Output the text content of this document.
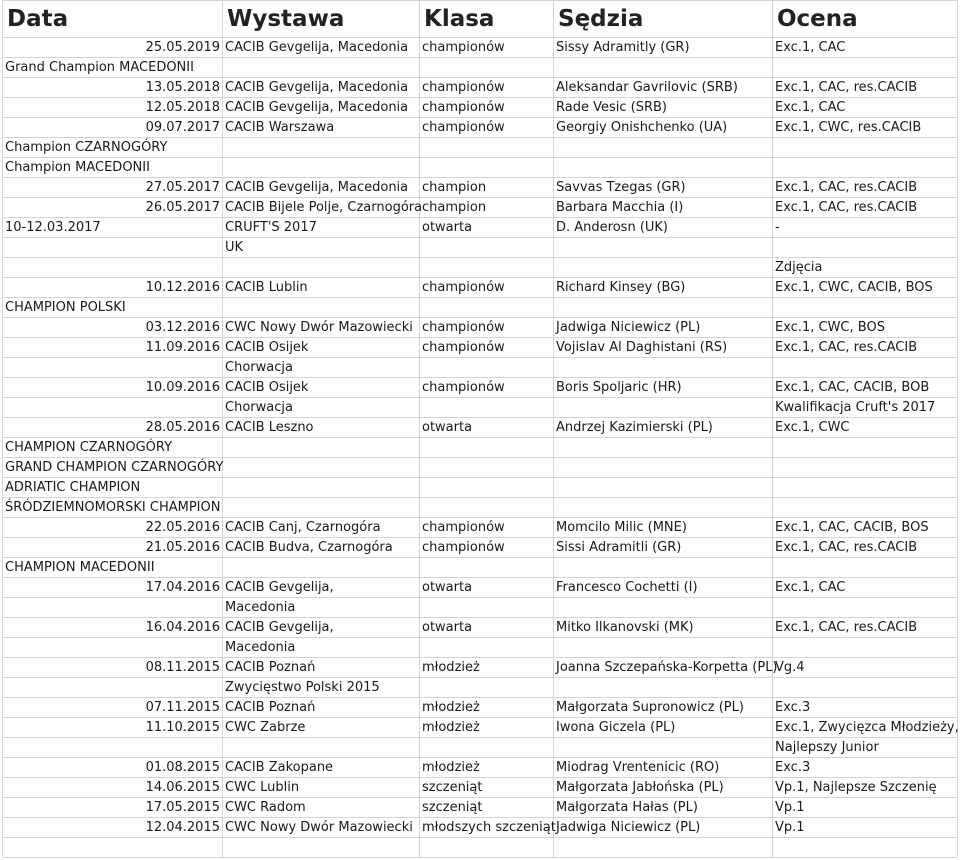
Data	Wystawa	Klasa	Sędzia	Ocena
25.05.2019	CACIB Gevgelija, Macedonia	championów	Sissy Adramitly (GR)	Exc.1, CAC
Grand Champion MACEDONII				
13.05.2018	CACIB Gevgelija, Macedonia	championów	Aleksandar Gavrilovic (SRB)	Exc.1, CAC, res.CACIB
12.05.2018	CACIB Gevgelija, Macedonia	championów	Rade Vesic (SRB)	Exc.1, CAC
09.07.2017	CACIB Warszawa	championów	Georgiy Onishchenko (UA)	Exc.1, CWC, res.CACIB
Champion CZARNOGÓRY				
Champion MACEDONII				
27.05.2017	CACIB Gevgelija, Macedonia	champion	Savvas Tzegas (GR)	Exc.1, CAC, res.CACIB
26.05.2017	CACIB Bijele Polje, Czarnogóra	champion	Barbara Macchia (I)	Exc.1, CAC, res.CACIB
10-12.03.2017	CRUFT'S 2017	otwarta	D. Anderosn (UK)	-
	UK			
				Zdjęcia
10.12.2016	CACIB Lublin	championów	Richard Kinsey (BG)	Exc.1, CWC, CACIB, BOS
CHAMPION POLSKI				
03.12.2016	CWC Nowy Dwór Mazowiecki	championów	Jadwiga Niciewicz (PL)	Exc.1, CWC, BOS
11.09.2016	CACIB Osijek	championów	Vojislav Al Daghistani (RS)	Exc.1, CAC, res.CACIB
	Chorwacja			
10.09.2016	CACIB Osijek	championów	Boris Spoljaric (HR)	Exc.1, CAC, CACIB, BOB
	Chorwacja			Kwalifikacja Cruft's 2017
28.05.2016	CACIB Leszno	otwarta	Andrzej Kazimierski (PL)	Exc.1, CWC
CHAMPION CZARNOGÓRY				
GRAND CHAMPION CZARNOGÓRY				
ADRIATIC CHAMPION				
ŚRÓDZIEMNOMORSKI CHAMPION				
22.05.2016	CACIB Canj, Czarnogóra	championów	Momcilo Milic (MNE)	Exc.1, CAC, CACIB, BOS
21.05.2016	CACIB Budva, Czarnogóra	championów	Sissi Adramitli (GR)	Exc.1, CAC, res.CACIB
CHAMPION MACEDONII				
17.04.2016	CACIB Gevgelija,	otwarta	Francesco Cochetti (I)	Exc.1, CAC
	Macedonia			
16.04.2016	CACIB Gevgelija,	otwarta	Mitko Ilkanovski (MK)	Exc.1, CAC, res.CACIB
	Macedonia			
08.11.2015	CACIB Poznań	młodzież	Joanna Szczepańska-Korpetta (PL)	Vg.4
	Zwycięstwo Polski 2015			
07.11.2015	CACIB Poznań	młodzież	Małgorzata Supronowicz (PL)	Exc.3
11.10.2015	CWC Zabrze	młodzież	Iwona Giczela (PL)	Exc.1, Zwycięzca Młodzieży,
				Najlepszy Junior
01.08.2015	CACIB Zakopane	młodzież	Miodrag Vrentenicic (RO)	Exc.3
14.06.2015	CWC Lublin	szczeniąt	Małgorzata Jabłońska (PL)	Vp.1, Najlepsze Szczenię
17.05.2015	CWC Radom	szczeniąt	Małgorzata Hałas (PL)	Vp.1
12.04.2015	CWC Nowy Dwór Mazowiecki	młodszych szczeniąt	Jadwiga Niciewicz (PL)	Vp.1
